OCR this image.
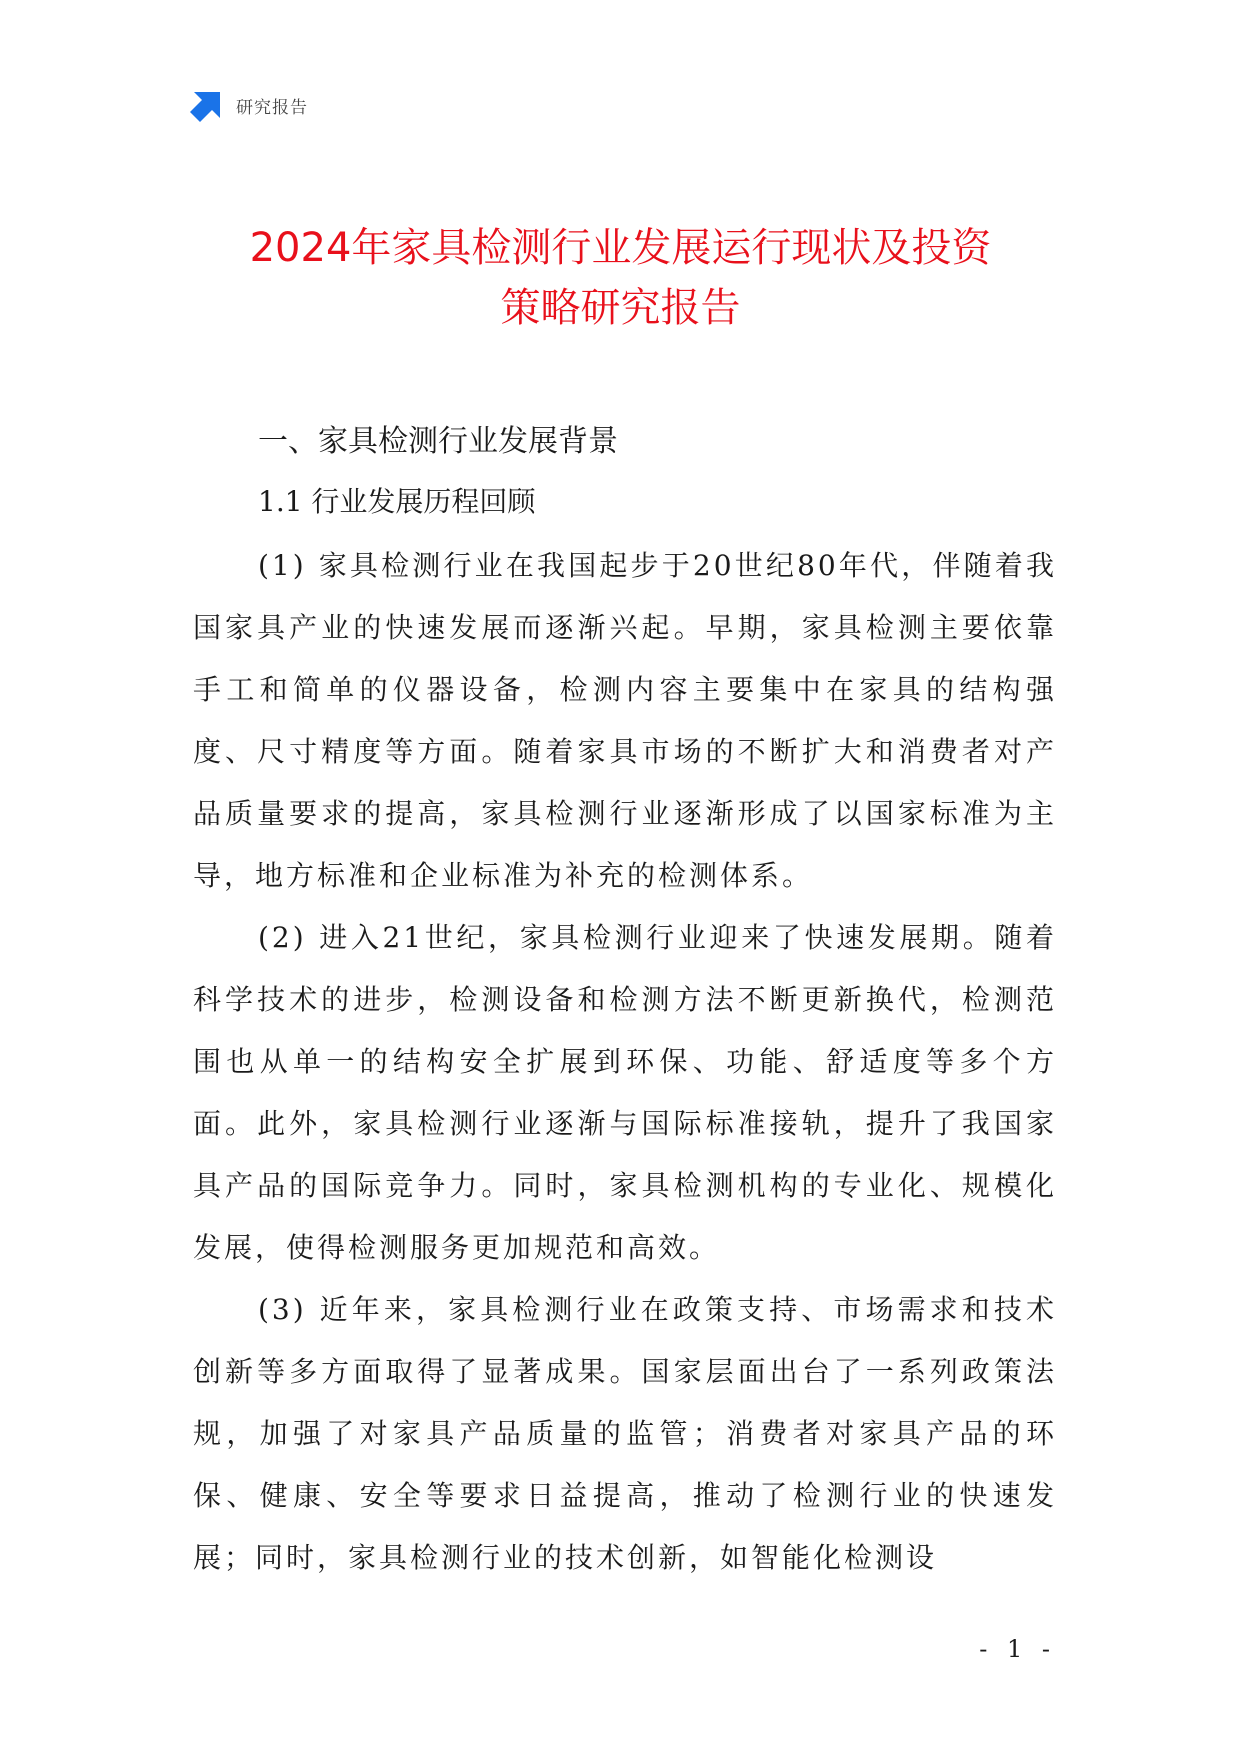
研究报告
2024年家具检测行业发展运行现状及投资
策略研究报告
一、家具检测行业发展背景
1.1 行业发展历程回顾

(1) 家具检测行业在我国起步于20世纪80年代，伴随着我国家具产业的快速发展而逐渐兴起。早期，家具检测主要依靠手工和简单的仪器设备，检测内容主要集中在家具的结构强度、尺寸精度等方面。随着家具市场的不断扩大和消费者对产品质量要求的提高，家具检测行业逐渐形成了以国家标准为主导，地方标准和企业标准为补充的检测体系。

(2) 进入21世纪，家具检测行业迎来了快速发展期。随着科学技术的进步，检测设备和检测方法不断更新换代，检测范围也从单一的结构安全扩展到环保、功能、舒适度等多个方面。此外，家具检测行业逐渐与国际标准接轨，提升了我国家具产品的国际竞争力。同时，家具检测机构的专业化、规模化发展，使得检测服务更加规范和高效。

(3) 近年来，家具检测行业在政策支持、市场需求和技术创新等多方面取得了显著成果。国家层面出台了一系列政策法规，加强了对家具产品质量的监管；消费者对家具产品的环保、健康、安全等要求日益提高，推动了检测行业的快速发展；同时，家具检测行业的技术创新，如智能化检测设

- 1 -
